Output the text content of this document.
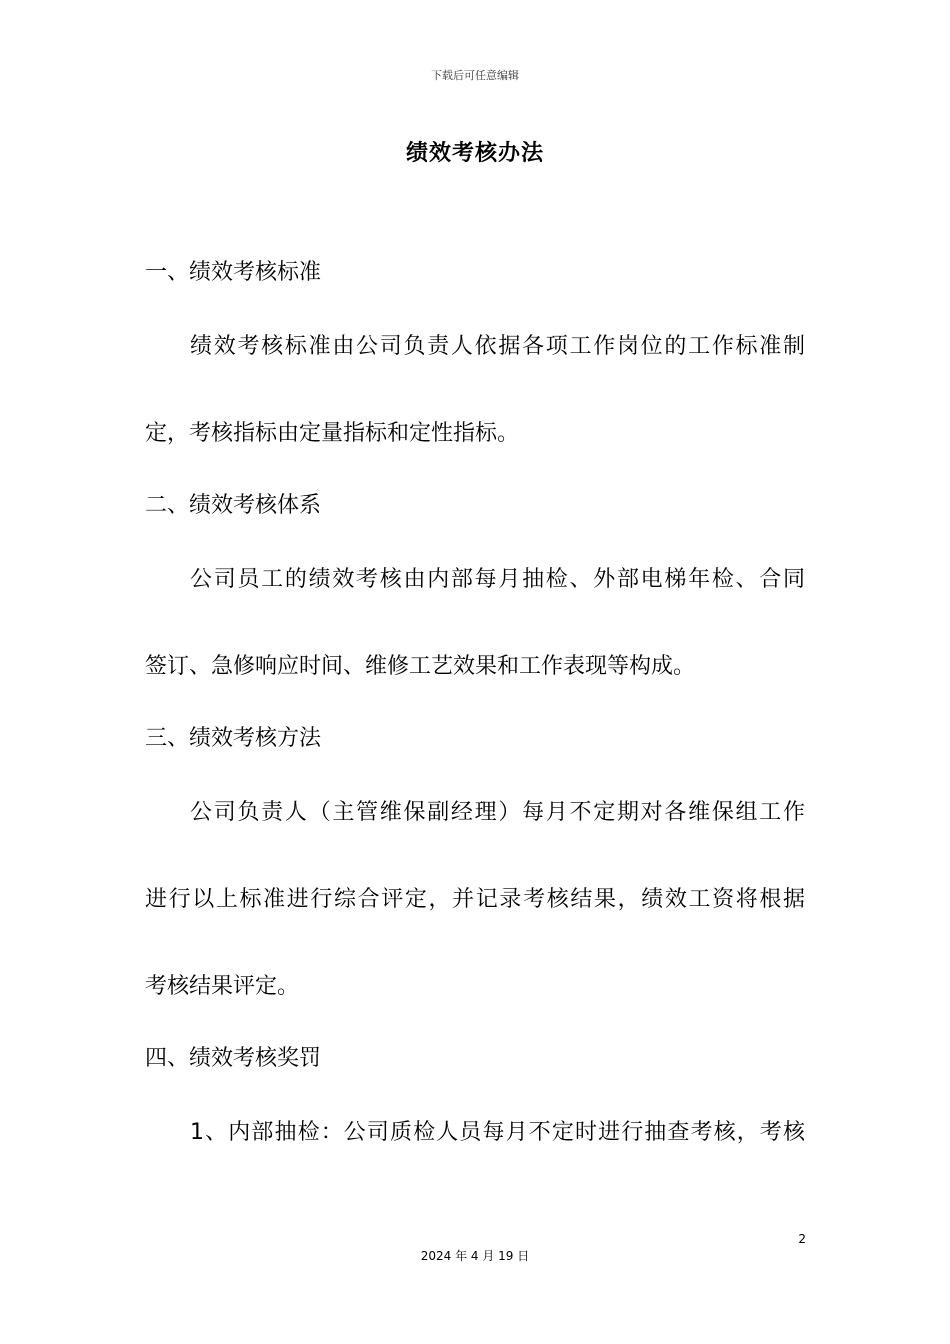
下载后可任意编辑
绩效考核办法
一、绩效考核标准
绩效考核标准由公司负责人依据各项工作岗位的工作标准制
定，考核指标由定量指标和定性指标。
二、绩效考核体系
公司员工的绩效考核由内部每月抽检、外部电梯年检、合同
签订、急修响应时间、维修工艺效果和工作表现等构成。
三、绩效考核方法
公司负责人（主管维保副经理）每月不定期对各维保组工作
进行以上标准进行综合评定，并记录考核结果，绩效工资将根据
考核结果评定。
四、绩效考核奖罚
1、内部抽检：公司质检人员每月不定时进行抽查考核，考核
2
2024 年 4 月 19 日
